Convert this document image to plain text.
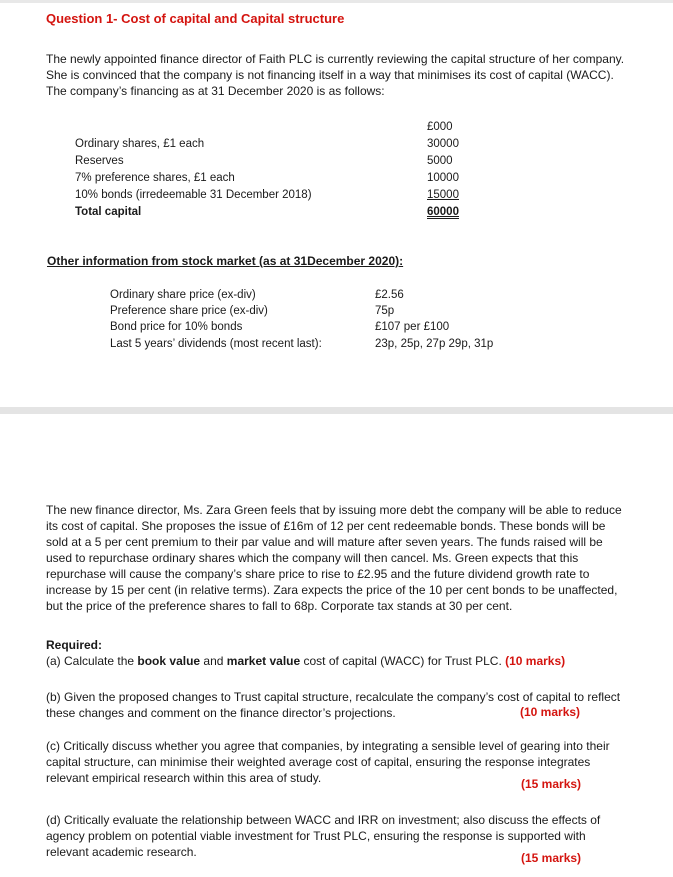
Question 1- Cost of capital and Capital structure
The newly appointed finance director of Faith PLC is currently reviewing the capital structure of her company. She is convinced that the company is not financing itself in a way that minimises its cost of capital (WACC). The company’s financing as at 31 December 2020 is as follows:
£000
Ordinary shares, £1 each	30000
Reserves	5000
7% preference shares, £1 each	10000
10% bonds (irredeemable 31 December 2018)	15000
Total capital	60000
Other information from stock market (as at 31December 2020):
Ordinary share price (ex-div)	£2.56
Preference share price (ex-div)	75p
Bond price for 10% bonds	£107 per £100
Last 5 years’ dividends (most recent last):	23p, 25p, 27p 29p, 31p
The new finance director, Ms. Zara Green feels that by issuing more debt the company will be able to reduce its cost of capital. She proposes the issue of £16m of 12 per cent redeemable bonds. These bonds will be sold at a 5 per cent premium to their par value and will mature after seven years. The funds raised will be used to repurchase ordinary shares which the company will then cancel. Ms. Green expects that this repurchase will cause the company’s share price to rise to £2.95 and the future dividend growth rate to increase by 15 per cent (in relative terms). Zara expects the price of the 10 per cent bonds to be unaffected, but the price of the preference shares to fall to 68p. Corporate tax stands at 30 per cent.
Required:
(a) Calculate the book value and market value cost of capital (WACC) for Trust PLC. (10 marks)
(b) Given the proposed changes to Trust capital structure, recalculate the company’s cost of capital to reflect these changes and comment on the finance director’s projections.	(10 marks)
(c) Critically discuss whether you agree that companies, by integrating a sensible level of gearing into their capital structure, can minimise their weighted average cost of capital, ensuring the response integrates relevant empirical research within this area of study.	(15 marks)
(d) Critically evaluate the relationship between WACC and IRR on investment; also discuss the effects of agency problem on potential viable investment for Trust PLC, ensuring the response is supported with relevant academic research.	(15 marks)
